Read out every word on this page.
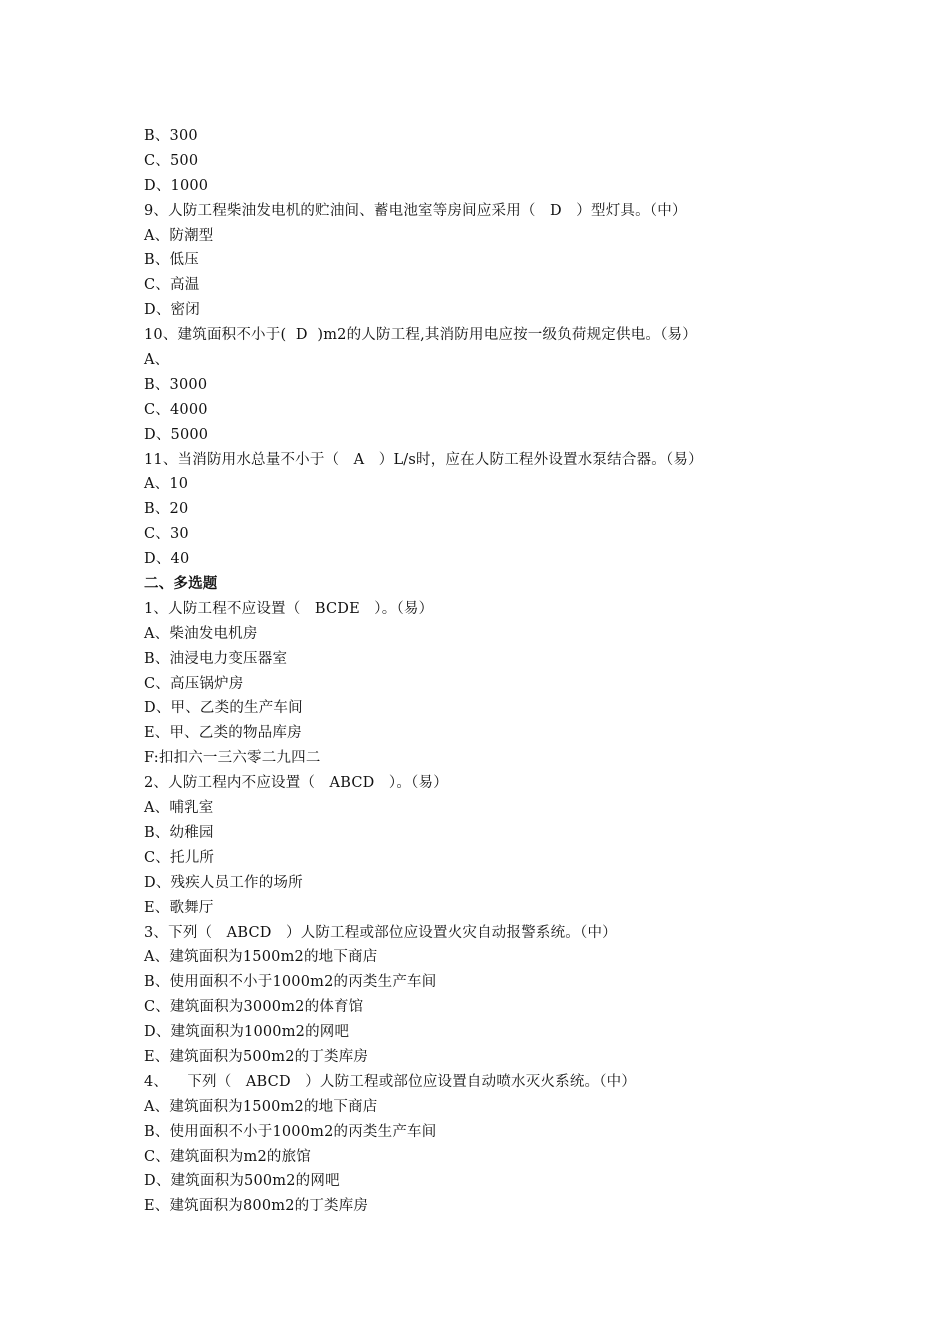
B、300
C、500
D、1000
9、人防工程柴油发电机的贮油间、蓄电池室等房间应采用（   D   ）型灯具。（中）
A、防潮型
B、低压
C、高温
D、密闭
10、建筑面积不小于(  D  )m2的人防工程,其消防用电应按一级负荷规定供电。（易）
A、
B、3000
C、4000
D、5000
11、当消防用水总量不小于（   A   ）L/s时，应在人防工程外设置水泵结合器。（易）
A、10
B、20
C、30
D、40
二、多选题
1、人防工程不应设置（   BCDE   ）。（易）
A、柴油发电机房
B、油浸电力变压器室
C、高压锅炉房
D、甲、乙类的生产车间
E、甲、乙类的物品库房
F:扣扣六一三六零二九四二
2、人防工程内不应设置（   ABCD   ）。（易）
A、哺乳室
B、幼稚园
C、托儿所
D、残疾人员工作的场所
E、歌舞厅
3、下列（   ABCD   ）人防工程或部位应设置火灾自动报警系统。（中）
A、建筑面积为1500m2的地下商店
B、使用面积不小于1000m2的丙类生产车间
C、建筑面积为3000m2的体育馆
D、建筑面积为1000m2的网吧
E、建筑面积为500m2的丁类库房
4、    下列（   ABCD   ）人防工程或部位应设置自动喷水灭火系统。（中）
A、建筑面积为1500m2的地下商店
B、使用面积不小于1000m2的丙类生产车间
C、建筑面积为m2的旅馆
D、建筑面积为500m2的网吧
E、建筑面积为800m2的丁类库房
